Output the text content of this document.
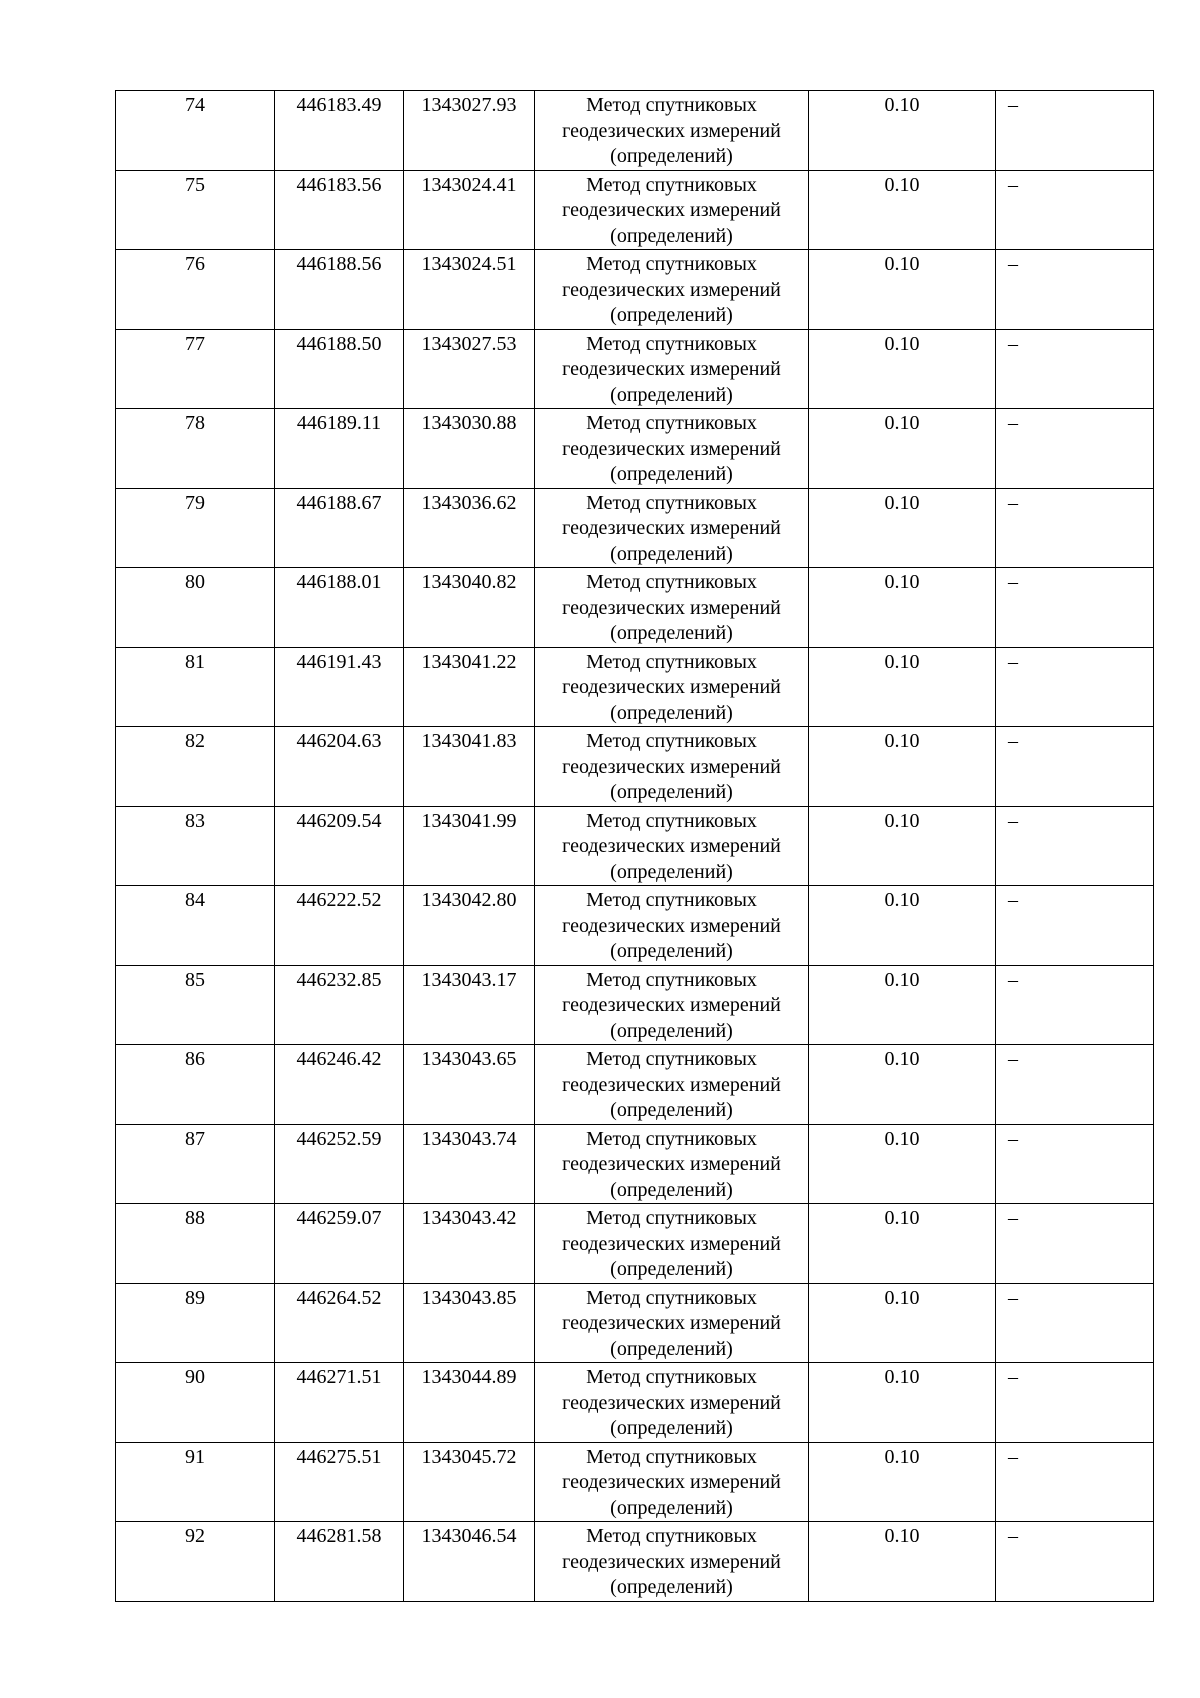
74	446183.49	1343027.93	Метод спутниковых
геодезических измерений
(определений)	0.10	–
75	446183.56	1343024.41	Метод спутниковых
геодезических измерений
(определений)	0.10	–
76	446188.56	1343024.51	Метод спутниковых
геодезических измерений
(определений)	0.10	–
77	446188.50	1343027.53	Метод спутниковых
геодезических измерений
(определений)	0.10	–
78	446189.11	1343030.88	Метод спутниковых
геодезических измерений
(определений)	0.10	–
79	446188.67	1343036.62	Метод спутниковых
геодезических измерений
(определений)	0.10	–
80	446188.01	1343040.82	Метод спутниковых
геодезических измерений
(определений)	0.10	–
81	446191.43	1343041.22	Метод спутниковых
геодезических измерений
(определений)	0.10	–
82	446204.63	1343041.83	Метод спутниковых
геодезических измерений
(определений)	0.10	–
83	446209.54	1343041.99	Метод спутниковых
геодезических измерений
(определений)	0.10	–
84	446222.52	1343042.80	Метод спутниковых
геодезических измерений
(определений)	0.10	–
85	446232.85	1343043.17	Метод спутниковых
геодезических измерений
(определений)	0.10	–
86	446246.42	1343043.65	Метод спутниковых
геодезических измерений
(определений)	0.10	–
87	446252.59	1343043.74	Метод спутниковых
геодезических измерений
(определений)	0.10	–
88	446259.07	1343043.42	Метод спутниковых
геодезических измерений
(определений)	0.10	–
89	446264.52	1343043.85	Метод спутниковых
геодезических измерений
(определений)	0.10	–
90	446271.51	1343044.89	Метод спутниковых
геодезических измерений
(определений)	0.10	–
91	446275.51	1343045.72	Метод спутниковых
геодезических измерений
(определений)	0.10	–
92	446281.58	1343046.54	Метод спутниковых
геодезических измерений
(определений)	0.10	–
